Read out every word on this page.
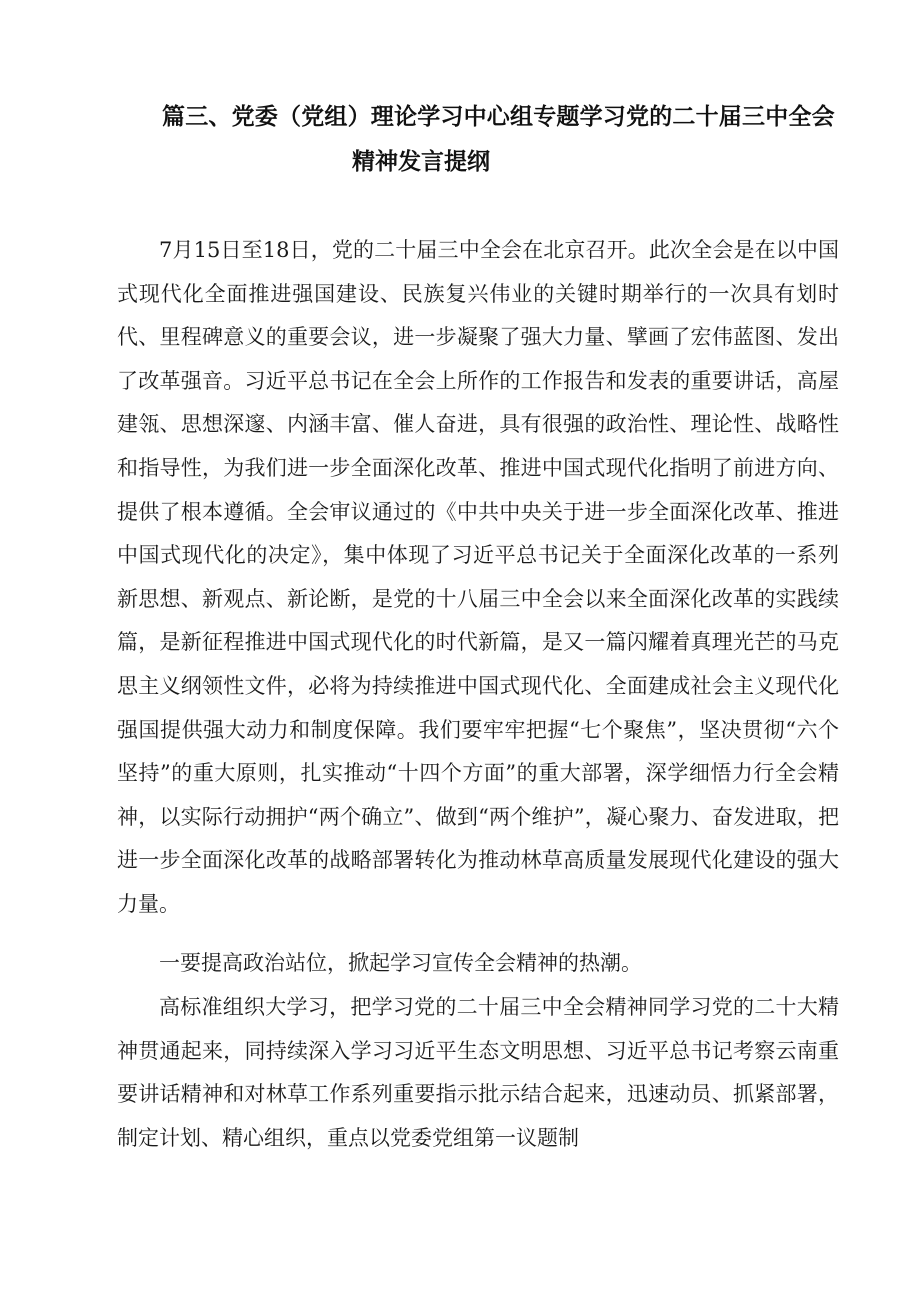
篇三、党委（党组）理论学习中心组专题学习党的二十届三中全会
精神发言提纲

7月15日至18日，党的二十届三中全会在北京召开。此次全会是在以中国式现代化全面推进强国建设、民族复兴伟业的关键时期举行的一次具有划时代、里程碑意义的重要会议，进一步凝聚了强大力量、擘画了宏伟蓝图、发出了改革强音。习近平总书记在全会上所作的工作报告和发表的重要讲话，高屋建瓴、思想深邃、内涵丰富、催人奋进，具有很强的政治性、理论性、战略性和指导性，为我们进一步全面深化改革、推进中国式现代化指明了前进方向、提供了根本遵循。全会审议通过的《中共中央关于进一步全面深化改革、推进中国式现代化的决定》，集中体现了习近平总书记关于全面深化改革的一系列新思想、新观点、新论断，是党的十八届三中全会以来全面深化改革的实践续篇，是新征程推进中国式现代化的时代新篇，是又一篇闪耀着真理光芒的马克思主义纲领性文件，必将为持续推进中国式现代化、全面建成社会主义现代化强国提供强大动力和制度保障。我们要牢牢把握“七个聚焦”，坚决贯彻“六个坚持”的重大原则，扎实推动“十四个方面”的重大部署，深学细悟力行全会精神，以实际行动拥护“两个确立”、做到“两个维护”，凝心聚力、奋发进取，把进一步全面深化改革的战略部署转化为推动林草高质量发展现代化建设的强大力量。

一要提高政治站位，掀起学习宣传全会精神的热潮。

高标准组织大学习，把学习党的二十届三中全会精神同学习党的二十大精神贯通起来，同持续深入学习习近平生态文明思想、习近平总书记考察云南重要讲话精神和对林草工作系列重要指示批示结合起来，迅速动员、抓紧部署，制定计划、精心组织，重点以党委党组第一议题制
